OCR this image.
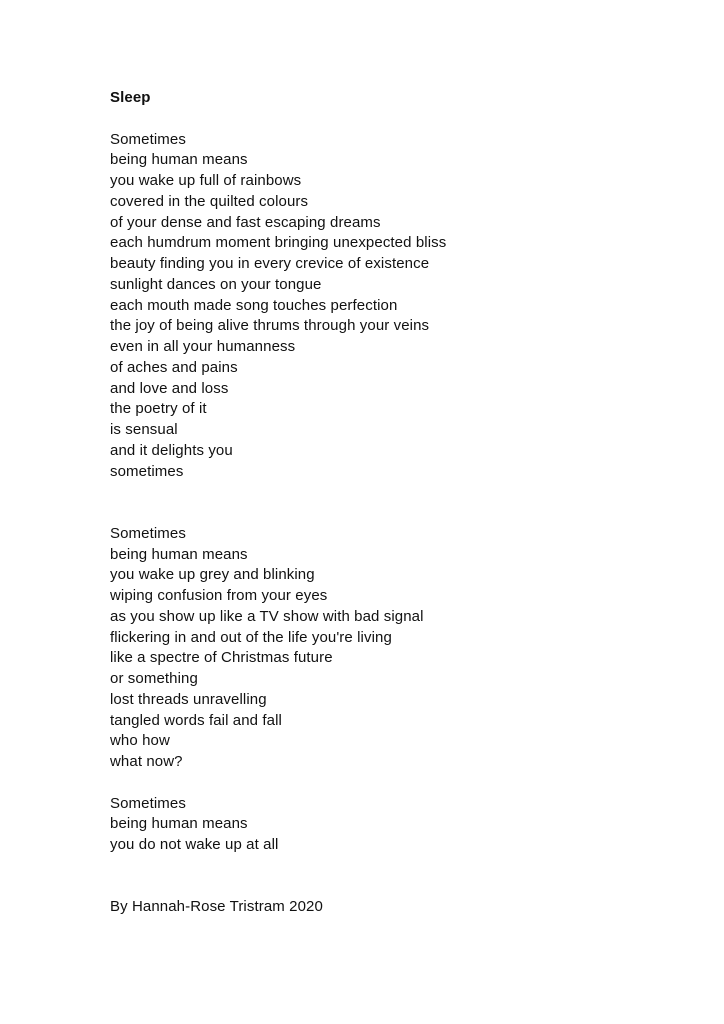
Sleep
Sometimes
being human means
you wake up full of rainbows
covered in the quilted colours
of your dense and fast escaping dreams
each humdrum moment bringing unexpected bliss
beauty finding you in every crevice of existence
sunlight dances on your tongue
each mouth made song touches perfection
the joy of being alive thrums through your veins
even in all your humanness
of aches and pains
and love and loss
the poetry of it
is sensual
and it delights you
sometimes
Sometimes
being human means
you wake up grey and blinking
wiping confusion from your eyes
as you show up like a TV show with bad signal
flickering in and out of the life you're living
like a spectre of Christmas future
or something
lost threads unravelling
tangled words fail and fall
who how
what now?
Sometimes
being human means
you do not wake up at all
By Hannah-Rose Tristram 2020
